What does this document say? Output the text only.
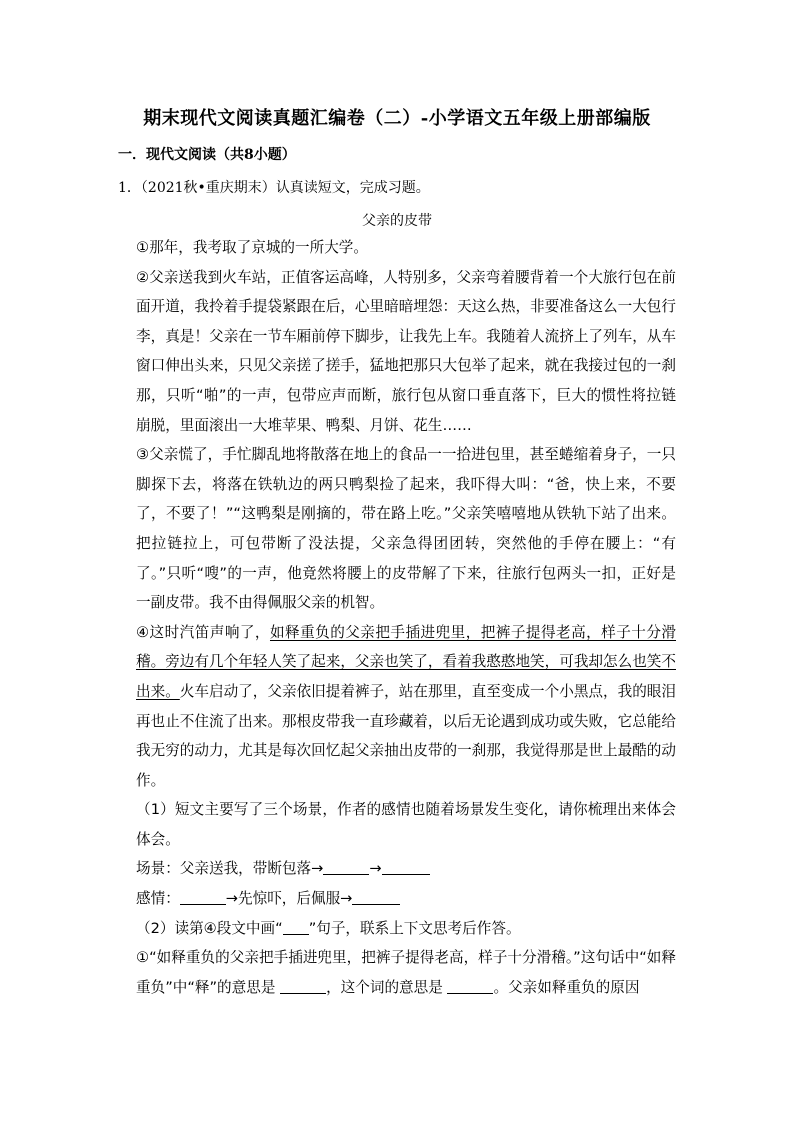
期末现代文阅读真题汇编卷（二）-小学语文五年级上册部编版
一．现代文阅读（共8小题）
1．（2021秋•重庆期末）认真读短文，完成习题。
父亲的皮带

①那年，我考取了京城的一所大学。

②父亲送我到火车站，正值客运高峰，人特别多，父亲弯着腰背着一个大旅行包在前面开道，我拎着手提袋紧跟在后，心里暗暗埋怨：天这么热，非要准备这么一大包行李，真是！父亲在一节车厢前停下脚步，让我先上车。我随着人流挤上了列车，从车窗口伸出头来，只见父亲搓了搓手，猛地把那只大包举了起来，就在我接过包的一刹那，只听“啪”的一声，包带应声而断，旅行包从窗口垂直落下，巨大的惯性将拉链崩脱，里面滚出一大堆苹果、鸭梨、月饼、花生……

③父亲慌了，手忙脚乱地将散落在地上的食品一一拾进包里，甚至蜷缩着身子，一只脚探下去，将落在铁轨边的两只鸭梨捡了起来，我吓得大叫：“爸，快上来，不要了，不要了！”“这鸭梨是刚摘的，带在路上吃。”父亲笑嘻嘻地从铁轨下站了出来。把拉链拉上，可包带断了没法提，父亲急得团团转，突然他的手停在腰上：“有了。”只听“嗖”的一声，他竟然将腰上的皮带解了下来，往旅行包两头一扣，正好是一副皮带。我不由得佩服父亲的机智。

④这时汽笛声响了，如释重负的父亲把手插进兜里，把裤子提得老高，样子十分滑稽。旁边有几个年轻人笑了起来，父亲也笑了，看着我憨憨地笑，可我却怎么也笑不出来。火车启动了，父亲依旧提着裤子，站在那里，直至变成一个小黑点，我的眼泪再也止不住流了出来。那根皮带我一直珍藏着，以后无论遇到成功或失败，它总能给我无穷的动力，尤其是每次回忆起父亲抽出皮带的一刹那，我觉得那是世上最酷的动作。

（1）短文主要写了三个场景，作者的感情也随着场景发生变化，请你梳理出来体会体会。

场景：父亲送我，带断包落→	→

感情：	→先惊吓，后佩服→

（2）读第④段文中画“ ”句子，联系上下文思考后作答。

①“如释重负的父亲把手插进兜里，把裤子提得老高，样子十分滑稽。”这句话中“如释重负”中“释”的意思是	，这个词的意思是	。父亲如释重负的原因
